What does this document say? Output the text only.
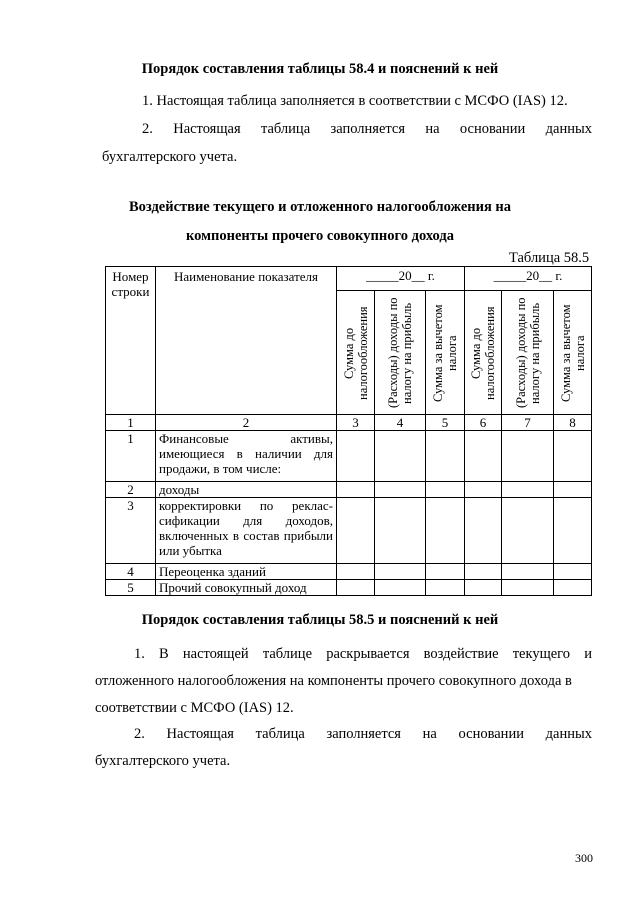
Порядок составления таблицы 58.4 и пояснений к ней
1. Настоящая таблица заполняется в соответствии с МСФО (IAS) 12.
2. Настоящая таблица заполняется на основании данных
бухгалтерского учета.
Воздействие текущего и отложенного налогообложения на
компоненты прочего совокупного дохода
Таблица 58.5
Номер строки	Наименование показателя	_____20__ г.			_____20__ г.		

		Сумма до налогообложения	(Расходы) доходы по налогу на прибыль	Сумма за вычетом налога	Сумма до налогообложения	(Расходы) доходы по налогу на прибыль	Сумма за вычетом налога

1	2	3	4	5	6	7	8
1	Финансовые активы, имеющиеся в наличии для продажи, в том числе:						
2	доходы						
3	корректировки по реклас-сификации для доходов, включенных в состав прибыли или убытка						
4	Переоценка зданий						
5	Прочий совокупный доход						
Порядок составления таблицы 58.5 и пояснений к ней
1. В настоящей таблице раскрывается воздействие текущего и
отложенного налогообложения на компоненты прочего совокупного дохода в
соответствии с МСФО (IAS) 12.
2. Настоящая таблица заполняется на основании данных
бухгалтерского учета.
300
